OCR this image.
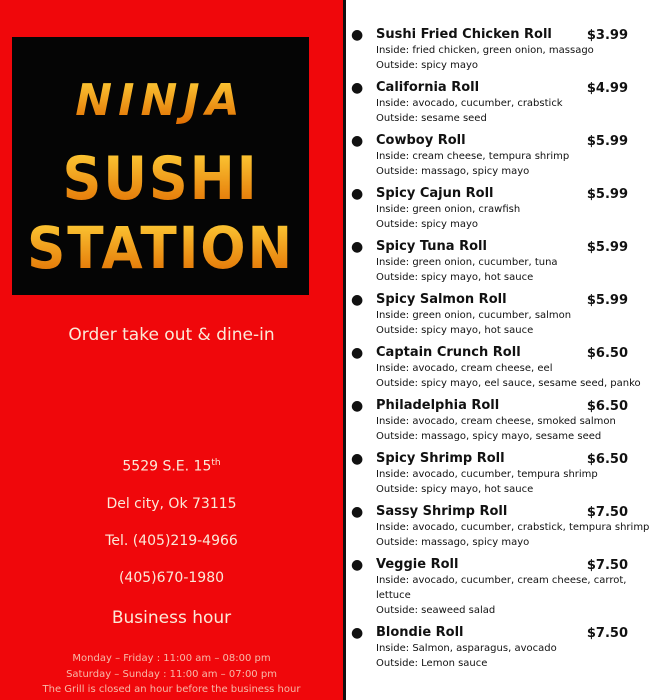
NINJA
SUSHI
STATION
Order take out & dine-in
5529 S.E. 15th
Del city, Ok 73115
Tel. (405)219-4966
(405)670-1980
Business hour
Monday – Friday : 11:00 am – 08:00 pm
Saturday – Sunday : 11:00 am – 07:00 pm
The Grill is closed an hour before the business hour
● Sushi Fried Chicken Roll	$3.99
Inside: fried chicken, green onion, massago
Outside: spicy mayo
● California Roll	$4.99
Inside: avocado, cucumber, crabstick
Outside: sesame seed
● Cowboy Roll	$5.99
Inside: cream cheese, tempura shrimp
Outside: massago, spicy mayo
● Spicy Cajun Roll	$5.99
Inside: green onion, crawfish
Outside: spicy mayo
● Spicy Tuna Roll	$5.99
Inside: green onion, cucumber, tuna
Outside: spicy mayo, hot sauce
● Spicy Salmon Roll	$5.99
Inside: green onion, cucumber, salmon
Outside: spicy mayo, hot sauce
● Captain Crunch Roll	$6.50
Inside: avocado, cream cheese, eel
Outside: spicy mayo, eel sauce, sesame seed, panko
● Philadelphia Roll	$6.50
Inside: avocado, cream cheese, smoked salmon
Outside: massago, spicy mayo, sesame seed
● Spicy Shrimp Roll	$6.50
Inside: avocado, cucumber, tempura shrimp
Outside: spicy mayo, hot sauce
● Sassy Shrimp Roll	$7.50
Inside: avocado, cucumber, crabstick, tempura shrimp
Outside: massago, spicy mayo
● Veggie Roll	$7.50
Inside: avocado, cucumber, cream cheese, carrot, lettuce
Outside: seaweed salad
● Blondie Roll	$7.50
Inside: Salmon, asparagus, avocado
Outside: Lemon sauce
